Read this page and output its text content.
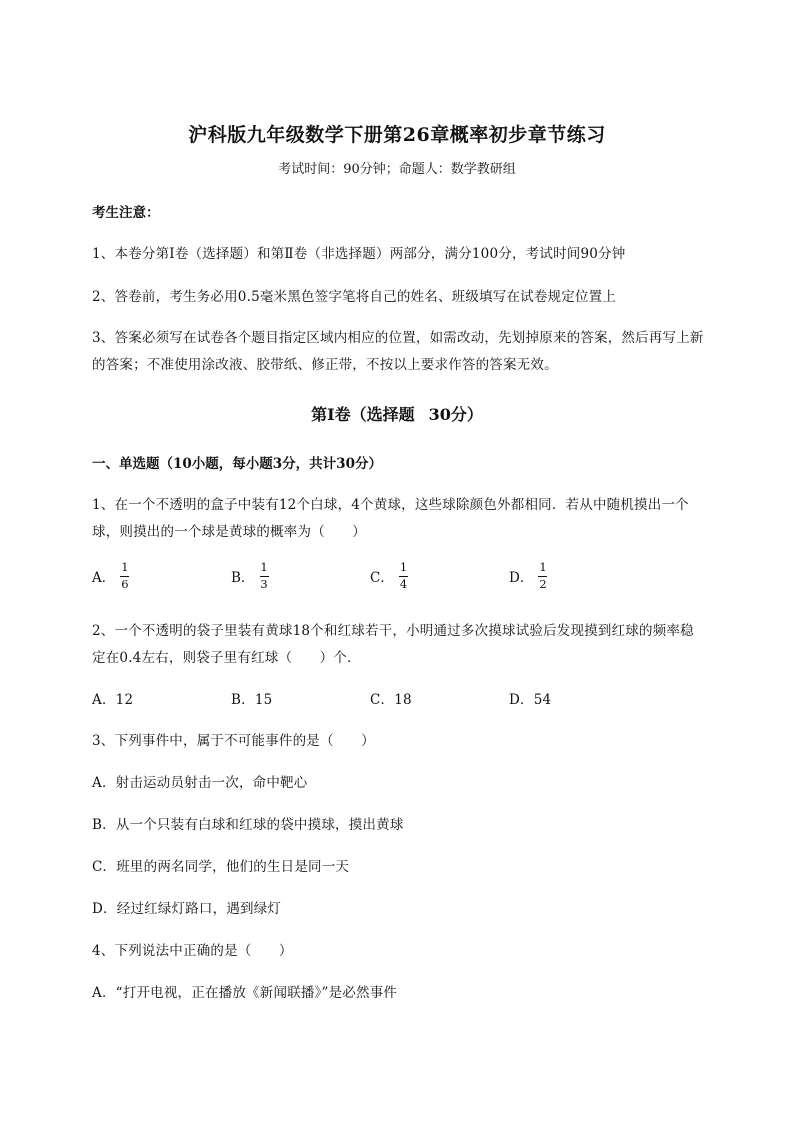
沪科版九年级数学下册第26章概率初步章节练习
考试时间：90分钟；命题人：数学教研组
考生注意：
1、本卷分第I卷（选择题）和第Ⅱ卷（非选择题）两部分，满分100分，考试时间90分钟
2、答卷前，考生务必用0.5毫米黑色签字笔将自己的姓名、班级填写在试卷规定位置上
3、答案必须写在试卷各个题目指定区域内相应的位置，如需改动，先划掉原来的答案，然后再写上新
的答案；不准使用涂改液、胶带纸、修正带，不按以上要求作答的答案无效。
第I卷（选择题 30分）
一、单选题（10小题，每小题3分，共计30分）
1、在一个不透明的盒子中装有12个白球，4个黄球，这些球除颜色外都相同．若从中随机摸出一个
球，则摸出的一个球是黄球的概率为（　　）
A． $\frac{1}{6}$	B． $\frac{1}{3}$	C． $\frac{1}{4}$	D． $\frac{1}{2}$
2、一个不透明的袋子里装有黄球18个和红球若干，小明通过多次摸球试验后发现摸到红球的频率稳
定在0.4左右，则袋子里有红球（　　）个．
A．12	B．15	C．18	D．54
3、下列事件中，属于不可能事件的是（　　）
A．射击运动员射击一次，命中靶心
B．从一个只装有白球和红球的袋中摸球，摸出黄球
C．班里的两名同学，他们的生日是同一天
D．经过红绿灯路口，遇到绿灯
4、下列说法中正确的是（　　）
A．“打开电视，正在播放《新闻联播》”是必然事件
